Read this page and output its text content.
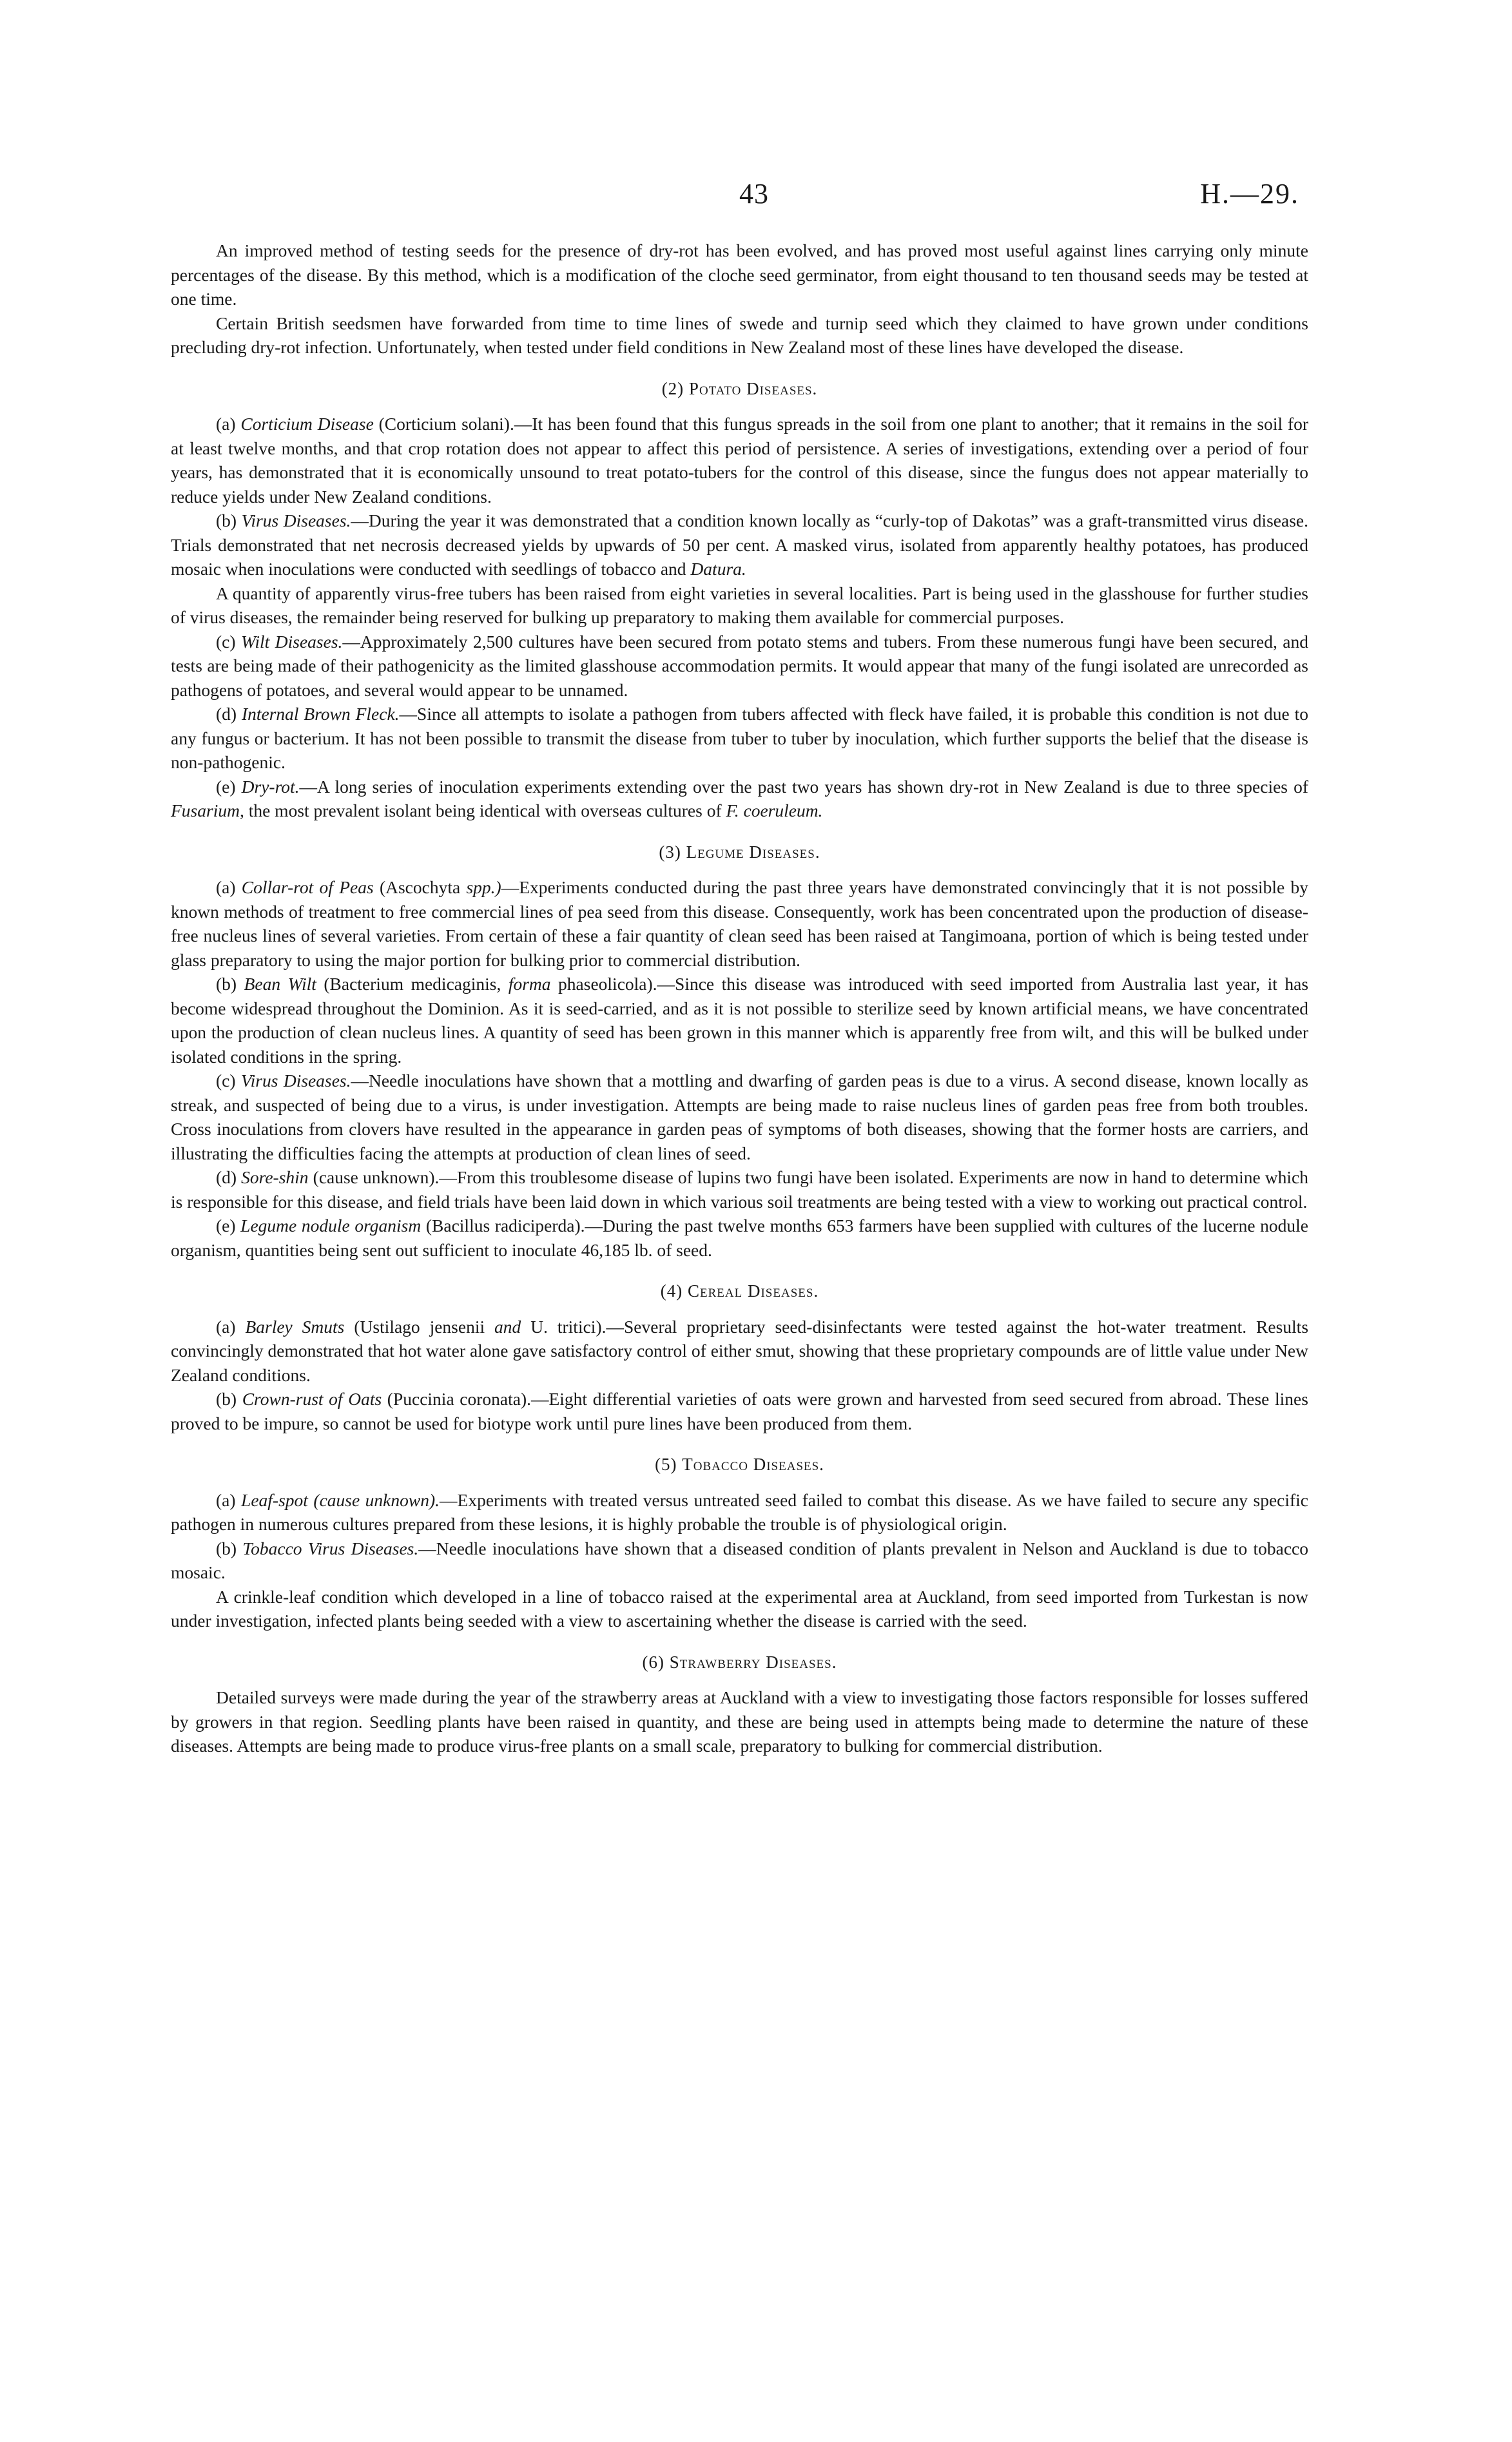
43	H.—29.

An improved method of testing seeds for the presence of dry-rot has been evolved, and has proved most useful against lines carrying only minute percentages of the disease. By this method, which is a modification of the cloche seed germinator, from eight thousand to ten thousand seeds may be tested at one time.

Certain British seedsmen have forwarded from time to time lines of swede and turnip seed which they claimed to have grown under conditions precluding dry-rot infection. Unfortunately, when tested under field conditions in New Zealand most of these lines have developed the disease.

(2) Potato Diseases.

(a) Corticium Disease (Corticium solani).—It has been found that this fungus spreads in the soil from one plant to another; that it remains in the soil for at least twelve months, and that crop rotation does not appear to affect this period of persistence. A series of investigations, extending over a period of four years, has demonstrated that it is economically unsound to treat potato-tubers for the control of this disease, since the fungus does not appear materially to reduce yields under New Zealand conditions.

(b) Virus Diseases.—During the year it was demonstrated that a condition known locally as “curly-top of Dakotas” was a graft-transmitted virus disease. Trials demonstrated that net necrosis decreased yields by upwards of 50 per cent. A masked virus, isolated from apparently healthy potatoes, has produced mosaic when inoculations were conducted with seedlings of tobacco and Datura.

A quantity of apparently virus-free tubers has been raised from eight varieties in several localities. Part is being used in the glasshouse for further studies of virus diseases, the remainder being reserved for bulking up preparatory to making them available for commercial purposes.

(c) Wilt Diseases.—Approximately 2,500 cultures have been secured from potato stems and tubers. From these numerous fungi have been secured, and tests are being made of their pathogenicity as the limited glasshouse accommodation permits. It would appear that many of the fungi isolated are unrecorded as pathogens of potatoes, and several would appear to be unnamed.

(d) Internal Brown Fleck.—Since all attempts to isolate a pathogen from tubers affected with fleck have failed, it is probable this condition is not due to any fungus or bacterium. It has not been possible to transmit the disease from tuber to tuber by inoculation, which further supports the belief that the disease is non-pathogenic.

(e) Dry-rot.—A long series of inoculation experiments extending over the past two years has shown dry-rot in New Zealand is due to three species of Fusarium, the most prevalent isolant being identical with overseas cultures of F. coeruleum.

(3) Legume Diseases.

(a) Collar-rot of Peas (Ascochyta spp.)—Experiments conducted during the past three years have demonstrated convincingly that it is not possible by known methods of treatment to free commercial lines of pea seed from this disease. Consequently, work has been concentrated upon the production of disease-free nucleus lines of several varieties. From certain of these a fair quantity of clean seed has been raised at Tangimoana, portion of which is being tested under glass preparatory to using the major portion for bulking prior to commercial distribution.

(b) Bean Wilt (Bacterium medicaginis, forma phaseolicola).—Since this disease was introduced with seed imported from Australia last year, it has become widespread throughout the Dominion. As it is seed-carried, and as it is not possible to sterilize seed by known artificial means, we have concentrated upon the production of clean nucleus lines. A quantity of seed has been grown in this manner which is apparently free from wilt, and this will be bulked under isolated conditions in the spring.

(c) Virus Diseases.—Needle inoculations have shown that a mottling and dwarfing of garden peas is due to a virus. A second disease, known locally as streak, and suspected of being due to a virus, is under investigation. Attempts are being made to raise nucleus lines of garden peas free from both troubles. Cross inoculations from clovers have resulted in the appearance in garden peas of symptoms of both diseases, showing that the former hosts are carriers, and illustrating the difficulties facing the attempts at production of clean lines of seed.

(d) Sore-shin (cause unknown).—From this troublesome disease of lupins two fungi have been isolated. Experiments are now in hand to determine which is responsible for this disease, and field trials have been laid down in which various soil treatments are being tested with a view to working out practical control.

(e) Legume nodule organism (Bacillus radiciperda).—During the past twelve months 653 farmers have been supplied with cultures of the lucerne nodule organism, quantities being sent out sufficient to inoculate 46,185 lb. of seed.

(4) Cereal Diseases.

(a) Barley Smuts (Ustilago jensenii and U. tritici).—Several proprietary seed-disinfectants were tested against the hot-water treatment. Results convincingly demonstrated that hot water alone gave satisfactory control of either smut, showing that these proprietary compounds are of little value under New Zealand conditions.

(b) Crown-rust of Oats (Puccinia coronata).—Eight differential varieties of oats were grown and harvested from seed secured from abroad. These lines proved to be impure, so cannot be used for biotype work until pure lines have been produced from them.

(5) Tobacco Diseases.

(a) Leaf-spot (cause unknown).—Experiments with treated versus untreated seed failed to combat this disease. As we have failed to secure any specific pathogen in numerous cultures prepared from these lesions, it is highly probable the trouble is of physiological origin.

(b) Tobacco Virus Diseases.—Needle inoculations have shown that a diseased condition of plants prevalent in Nelson and Auckland is due to tobacco mosaic.

A crinkle-leaf condition which developed in a line of tobacco raised at the experimental area at Auckland, from seed imported from Turkestan is now under investigation, infected plants being seeded with a view to ascertaining whether the disease is carried with the seed.

(6) Strawberry Diseases.

Detailed surveys were made during the year of the strawberry areas at Auckland with a view to investigating those factors responsible for losses suffered by growers in that region. Seedling plants have been raised in quantity, and these are being used in attempts being made to determine the nature of these diseases. Attempts are being made to produce virus-free plants on a small scale, preparatory to bulking for commercial distribution.
